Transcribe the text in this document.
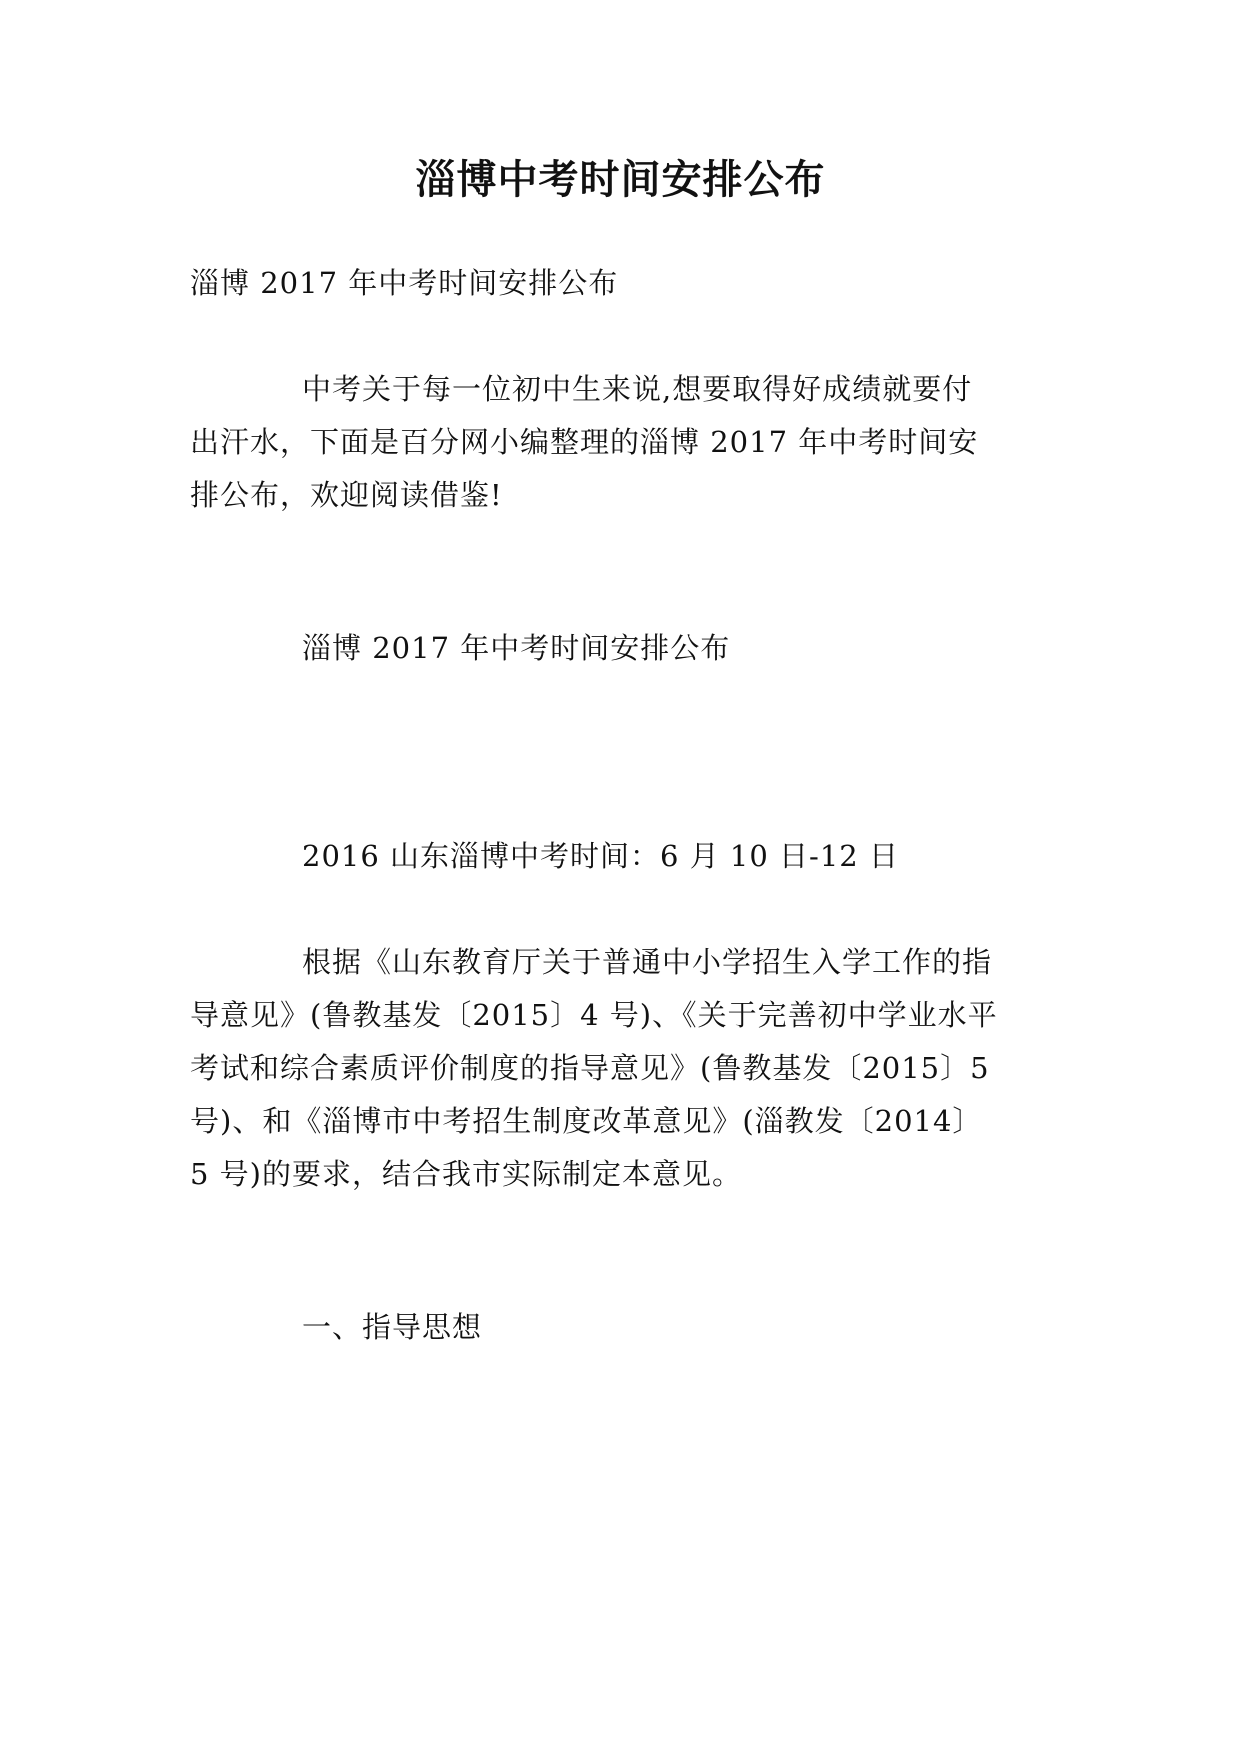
淄博中考时间安排公布
淄博 2017 年中考时间安排公布
中考关于每一位初中生来说,想要取得好成绩就要付
出汗水，下面是百分网小编整理的淄博 2017 年中考时间安
排公布，欢迎阅读借鉴!
淄博 2017 年中考时间安排公布
2016 山东淄博中考时间：6 月 10 日-12 日
根据《山东教育厅关于普通中小学招生入学工作的指
导意见》(鲁教基发〔2015〕4 号)、《关于完善初中学业水平
考试和综合素质评价制度的指导意见》(鲁教基发〔2015〕5
号)、和《淄博市中考招生制度改革意见》(淄教发〔2014〕
5 号)的要求，结合我市实际制定本意见。
一、指导思想
